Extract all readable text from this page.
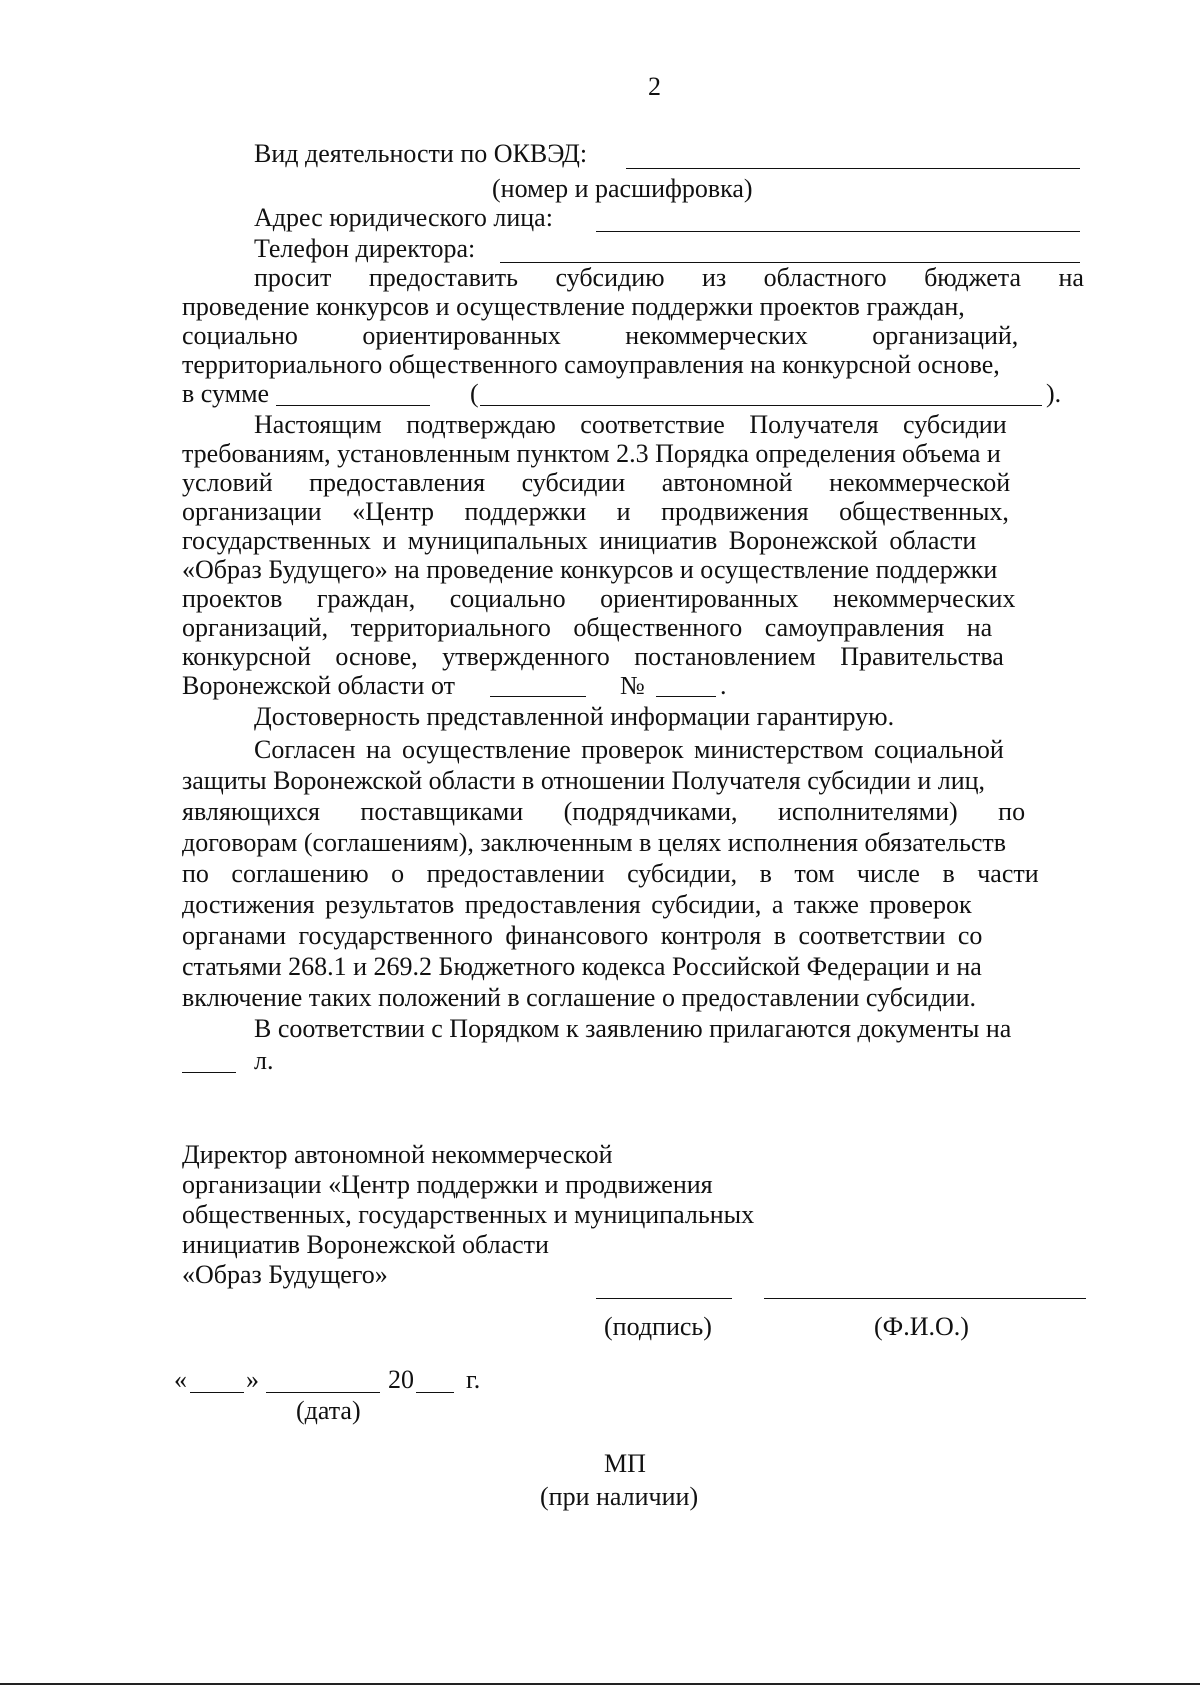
2
Вид деятельности по ОКВЭД:
(номер и расшифровка)
Адрес юридического лица:
Телефон директора:
просит предоставить субсидию из областного бюджета на
проведение конкурсов и осуществление поддержки проектов граждан,
социально ориентированных некоммерческих организаций,
территориального общественного самоуправления на конкурсной основе,
в сумме	(	).
Настоящим подтверждаю соответствие Получателя субсидии
требованиям, установленным пунктом 2.3 Порядка определения объема и
условий предоставления субсидии автономной некоммерческой
организации «Центр поддержки и продвижения общественных,
государственных и муниципальных инициатив Воронежской области
«Образ Будущего» на проведение конкурсов и осуществление поддержки
проектов граждан, социально ориентированных некоммерческих
организаций, территориального общественного самоуправления на
конкурсной основе, утвержденного постановлением Правительства
Воронежской области от	№	.
Достоверность представленной информации гарантирую.
Согласен на осуществление проверок министерством социальной
защиты Воронежской области в отношении Получателя субсидии и лиц,
являющихся поставщиками (подрядчиками, исполнителями) по
договорам (соглашениям), заключенным в целях исполнения обязательств
по соглашению о предоставлении субсидии, в том числе в части
достижения результатов предоставления субсидии, а также проверок
органами государственного финансового контроля в соответствии со
статьями 268.1 и 269.2 Бюджетного кодекса Российской Федерации и на
включение таких положений в соглашение о предоставлении субсидии.
В соответствии с Порядком к заявлению прилагаются документы на
л.
Директор автономной некоммерческой
организации «Центр поддержки и продвижения
общественных, государственных и муниципальных
инициатив Воронежской области
«Образ Будущего»
(подпись)	(Ф.И.О.)
« »	20 г.
(дата)
МП
(при наличии)
